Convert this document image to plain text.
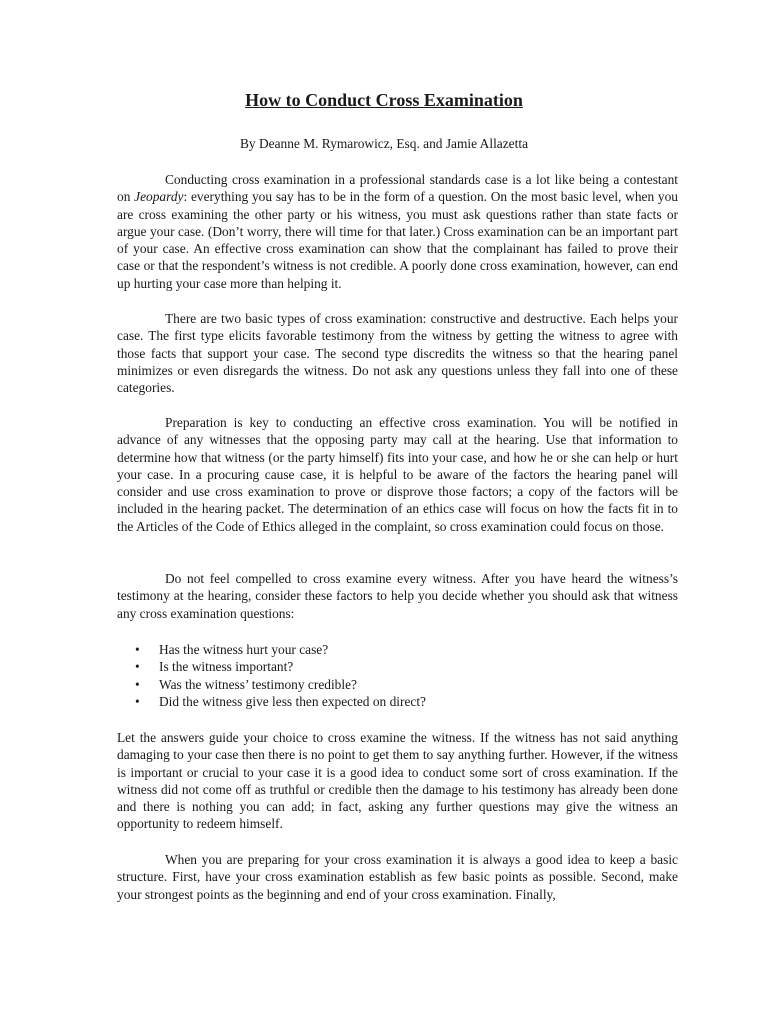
How to Conduct Cross Examination

By Deanne M. Rymarowicz, Esq. and Jamie Allazetta

Conducting cross examination in a professional standards case is a lot like being a contestant on Jeopardy: everything you say has to be in the form of a question. On the most basic level, when you are cross examining the other party or his witness, you must ask questions rather than state facts or argue your case. (Don’t worry, there will time for that later.) Cross examination can be an important part of your case. An effective cross examination can show that the complainant has failed to prove their case or that the respondent’s witness is not credible. A poorly done cross examination, however, can end up hurting your case more than helping it.

There are two basic types of cross examination: constructive and destructive. Each helps your case. The first type elicits favorable testimony from the witness by getting the witness to agree with those facts that support your case. The second type discredits the witness so that the hearing panel minimizes or even disregards the witness. Do not ask any questions unless they fall into one of these categories.

Preparation is key to conducting an effective cross examination. You will be notified in advance of any witnesses that the opposing party may call at the hearing. Use that information to determine how that witness (or the party himself) fits into your case, and how he or she can help or hurt your case. In a procuring cause case, it is helpful to be aware of the factors the hearing panel will consider and use cross examination to prove or disprove those factors; a copy of the factors will be included in the hearing packet. The determination of an ethics case will focus on how the facts fit in to the Articles of the Code of Ethics alleged in the complaint, so cross examination could focus on those.

Do not feel compelled to cross examine every witness. After you have heard the witness’s testimony at the hearing, consider these factors to help you decide whether you should ask that witness any cross examination questions:

• Has the witness hurt your case?
• Is the witness important?
• Was the witness’ testimony credible?
• Did the witness give less then expected on direct?

Let the answers guide your choice to cross examine the witness. If the witness has not said anything damaging to your case then there is no point to get them to say anything further. However, if the witness is important or crucial to your case it is a good idea to conduct some sort of cross examination. If the witness did not come off as truthful or credible then the damage to his testimony has already been done and there is nothing you can add; in fact, asking any further questions may give the witness an opportunity to redeem himself.

When you are preparing for your cross examination it is always a good idea to keep a basic structure. First, have your cross examination establish as few basic points as possible. Second, make your strongest points as the beginning and end of your cross examination. Finally,
